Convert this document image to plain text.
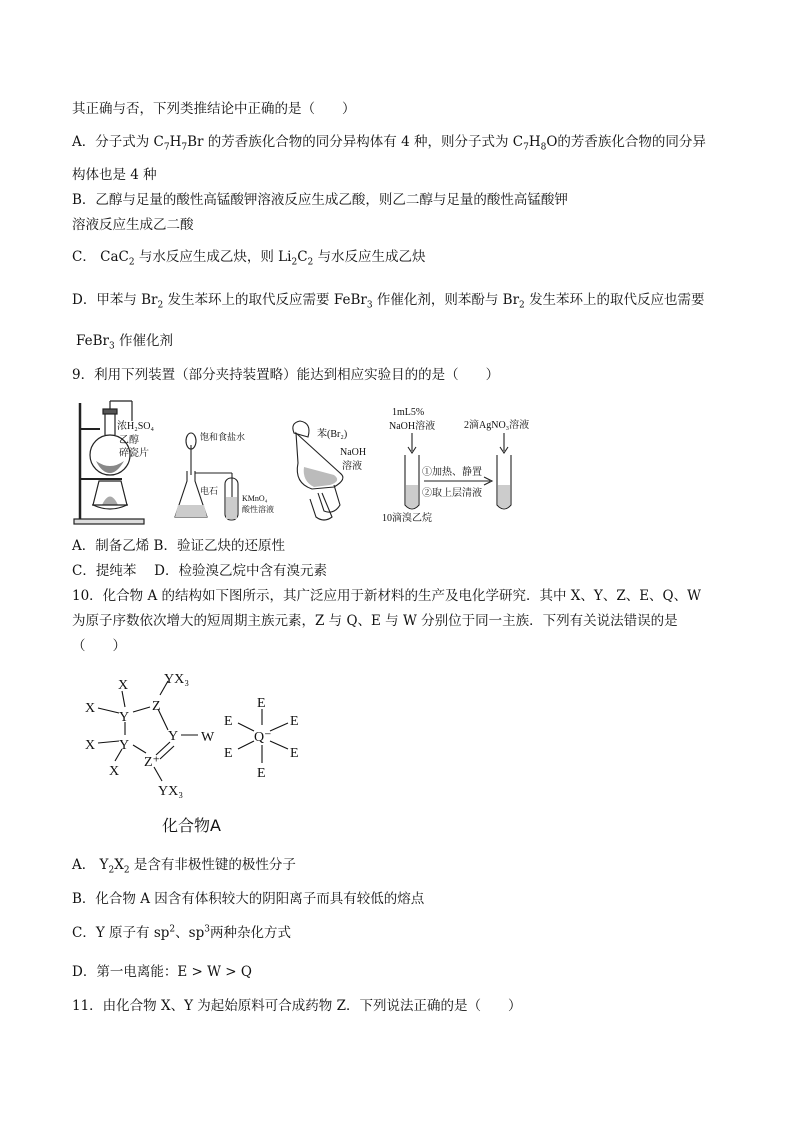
其正确与否，下列类推结论中正确的是（　　）
A．分子式为 $C_7H_7Br$ 的芳香族化合物的同分异构体有 4 种，则分子式为 $C_7H_8O$的芳香族化合物的同分异
构体也是 4 种
B．乙醇与足量的酸性高锰酸钾溶液反应生成乙酸，则乙二醇与足量的酸性高锰酸钾
溶液反应生成乙二酸
C． CaC$_2$ 与水反应生成乙炔，则 $Li_2C_2$ 与水反应生成乙炔
D．甲苯与 $Br_2$ 发生苯环上的取代反应需要 FeBr$_3$ 作催化剂，则苯酚与 $Br_2$ 发生苯环上的取代反应也需要
FeBr$_3$ 作催化剂
9．利用下列装置（部分夹持装置略）能达到相应实验目的的是（　　）
浓H₂SO₄
乙醇
碎瓷片
饱和食盐水
电石
KMnO₄
酸性溶液
苯(Br₂)
NaOH
溶液
1mL5%
NaOH溶液
10滴溴乙烷
①加热、静置
②取上层清液
2滴AgNO₃溶液
A．制备乙烯 B．验证乙炔的还原性
C．提纯苯　 D．检验溴乙烷中含有溴元素
10．化合物 A 的结构如下图所示，其广泛应用于新材料的生产及电化学研究．其中 X、Y、Z、E、Q、W
为原子序数依次增大的短周期主族元素，Z 与 Q、E 与 W 分别位于同一主族．下列有关说法错误的是
（　　）
Y
Y
Z
Y
Z⁺
W
X
X
X
X
YX₃
YX₃
E
E	E
Q⁻
E	E
E
化合物A
A． $Y_2X_2$ 是含有非极性键的极性分子
B．化合物 A 因含有体积较大的阴阳离子而具有较低的熔点
C．Y 原子有 $sp^2$、$sp^3$两种杂化方式
D．第一电离能：E > W > Q
11．由化合物 X、Y 为起始原料可合成药物 Z．下列说法正确的是（　　）
